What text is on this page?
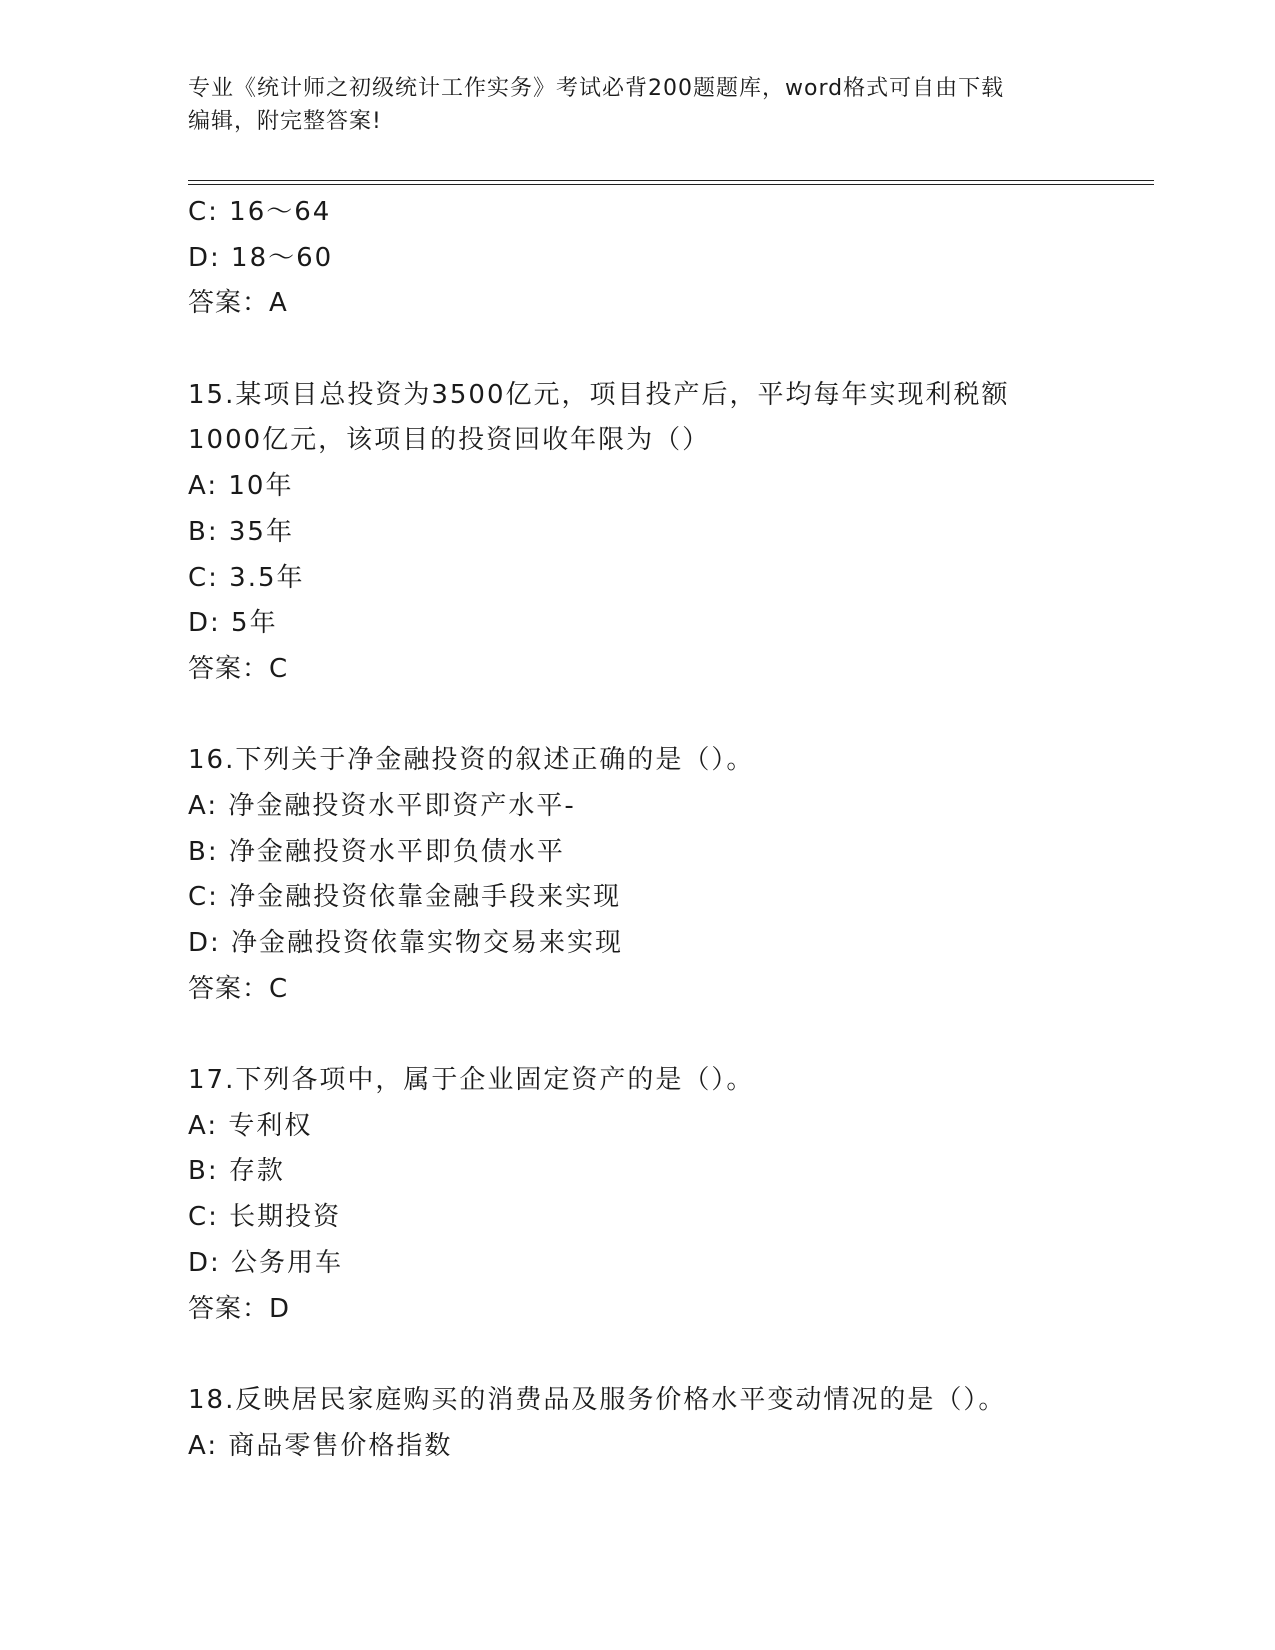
专业《统计师之初级统计工作实务》考试必背200题题库，word格式可自由下载
编辑，附完整答案!
C: 16～64
D: 18～60
答案：A
15.某项目总投资为3500亿元，项目投产后，平均每年实现利税额
1000亿元，该项目的投资回收年限为（）
A: 10年
B: 35年
C: 3.5年
D: 5年
答案：C
16.下列关于净金融投资的叙述正确的是（）。
A: 净金融投资水平即资产水平-
B: 净金融投资水平即负债水平
C: 净金融投资依靠金融手段来实现
D: 净金融投资依靠实物交易来实现
答案：C
17.下列各项中，属于企业固定资产的是（）。
A: 专利权
B: 存款
C: 长期投资
D: 公务用车
答案：D
18.反映居民家庭购买的消费品及服务价格水平变动情况的是（）。
A: 商品零售价格指数
